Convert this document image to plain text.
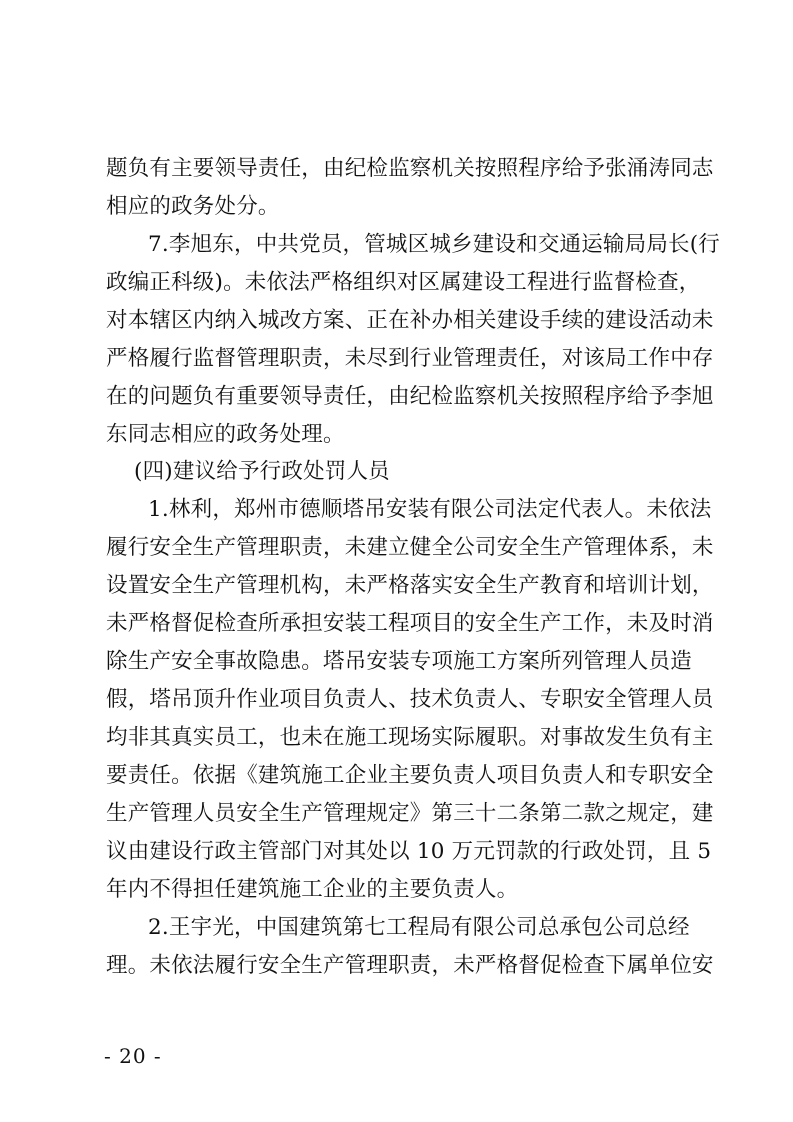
题负有主要领导责任，由纪检监察机关按照程序给予张涌涛同志
相应的政务处分。
7.李旭东，中共党员，管城区城乡建设和交通运输局局长(行
政编正科级)。未依法严格组织对区属建设工程进行监督检查，
对本辖区内纳入城改方案、正在补办相关建设手续的建设活动未
严格履行监督管理职责，未尽到行业管理责任，对该局工作中存
在的问题负有重要领导责任，由纪检监察机关按照程序给予李旭
东同志相应的政务处理。
(四)建议给予行政处罚人员
1.林利，郑州市德顺塔吊安装有限公司法定代表人。未依法
履行安全生产管理职责，未建立健全公司安全生产管理体系，未
设置安全生产管理机构，未严格落实安全生产教育和培训计划，
未严格督促检查所承担安装工程项目的安全生产工作，未及时消
除生产安全事故隐患。塔吊安装专项施工方案所列管理人员造
假，塔吊顶升作业项目负责人、技术负责人、专职安全管理人员
均非其真实员工，也未在施工现场实际履职。对事故发生负有主
要责任。依据《建筑施工企业主要负责人项目负责人和专职安全
生产管理人员安全生产管理规定》第三十二条第二款之规定，建
议由建设行政主管部门对其处以 10 万元罚款的行政处罚，且 5
年内不得担任建筑施工企业的主要负责人。
2.王宇光，中国建筑第七工程局有限公司总承包公司总经
理。未依法履行安全生产管理职责，未严格督促检查下属单位安
- 20 -
